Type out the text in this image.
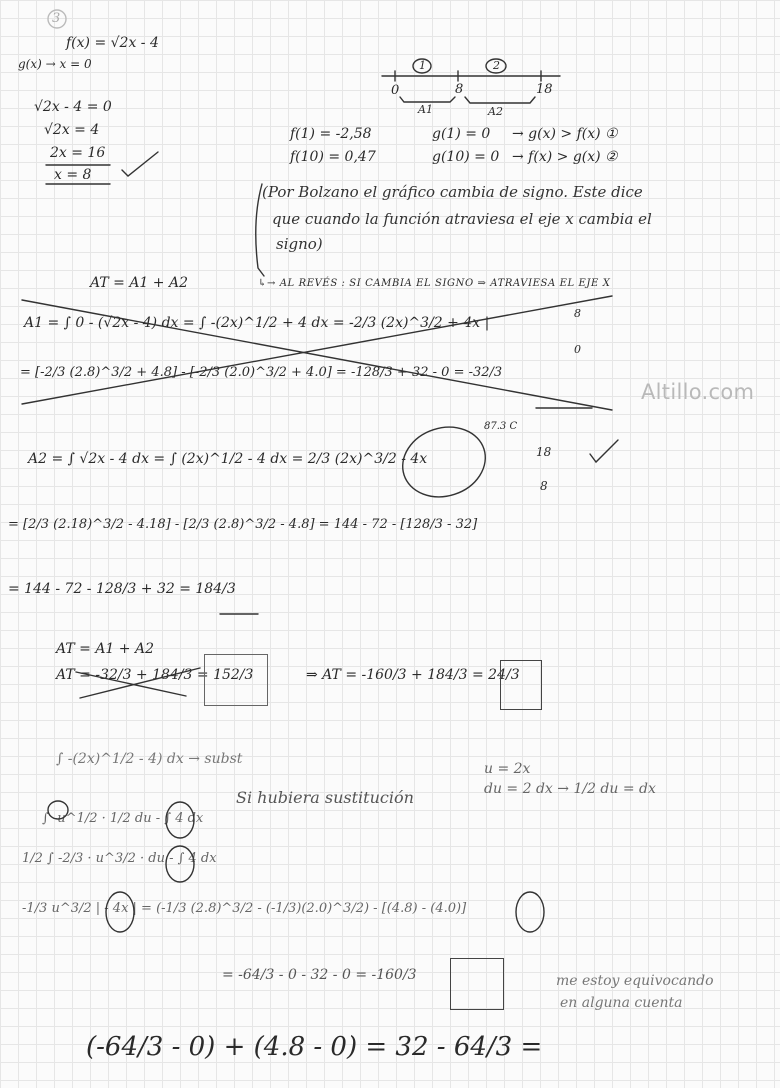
Altillo.com
3
f(x) = √2x - 4
g(x) → x = 0
√2x - 4 = 0
√2x = 4
2x = 16
x = 8
1	2
0	8	18
A1	A2
f(1) = -2,58
f(10) = 0,47
g(1) = 0
g(10) = 0
→ g(x) > f(x) ①
→ f(x) > g(x) ②
(Por Bolzano el gráfico cambia de signo. Este dice
que cuando la función atraviesa el eje x cambia el
signo)
↳→ AL REVÉS : SI CAMBIA EL SIGNO ⇒ ATRAVIESA EL EJE X
AT = A1 + A2
A1 = ∫ 0 - (√2x - 4) dx = ∫ -(2x)^1/2 + 4 dx = -2/3 (2x)^3/2 + 4x |
8
0
= [-2/3 (2.8)^3/2 + 4.8] - [-2/3 (2.0)^3/2 + 4.0] = -128/3 + 32 - 0 = -32/3
A2 = ∫ √2x - 4 dx = ∫ (2x)^1/2 - 4 dx = 2/3 (2x)^3/2 - 4x
87.3 C
18
8
= [2/3 (2.18)^3/2 - 4.18] - [2/3 (2.8)^3/2 - 4.8] = 144 - 72 - [128/3 - 32]
= 144 - 72 - 128/3 + 32 = 184/3
AT = A1 + A2
AT = -32/3 + 184/3 = 152/3	⇒ AT = -160/3 + 184/3 = 24/3
∫ -(2x)^1/2 - 4) dx → subst
u = 2x
du = 2 dx → 1/2 du = dx
Si hubiera sustitución
∫ -u^1/2 · 1/2 du - ∫ 4 dx
1/2 ∫ -2/3 · u^3/2 · du - ∫ 4 dx
-1/3 u^3/2 | - 4x | = (-1/3 (2.8)^3/2 - (-1/3)(2.0)^3/2) - [(4.8) - (4.0)]
= -64/3 - 0 - 32 - 0 = -160/3	me estoy equivocando
en alguna cuenta
(-64/3 - 0) + (4.8 - 0) = 32 - 64/3 =
